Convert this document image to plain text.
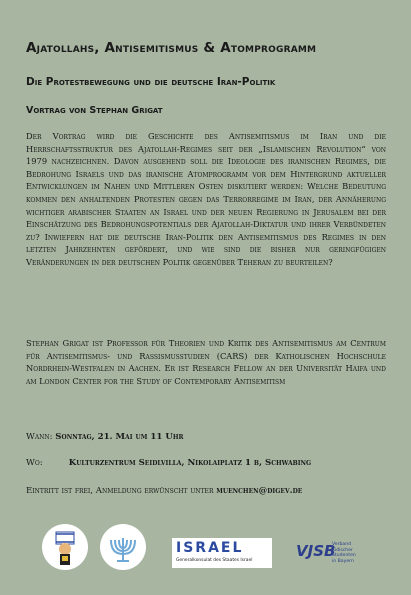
Ajatollahs, Antisemitismus & Atomprogramm
Die Protestbewegung und die deutsche Iran-Politik
Vortrag von Stephan Grigat

Der Vortrag wird die Geschichte des Antisemitismus im Iran und die Herrschaftsstruktur des Ajatollah-Regimes seit der „Islamischen Revolution“ von 1979 nachzeichnen. Davon ausgehend soll die Ideologie des iranischen Regimes, die Bedrohung Israels und das iranische Atomprogramm vor dem Hintergrund aktueller Entwicklungen im Nahen und Mittleren Osten diskutiert werden: Welche Bedeutung kommen den anhaltenden Protesten gegen das Terrorregime im Iran, der Annäherung wichtiger arabischer Staaten an Israel und der neuen Regierung in Jerusalem bei der Einschätzung des Bedrohungspotentials der Ajatollah-Diktatur und ihrer Verbündeten zu? Inwiefern hat die deutsche Iran-Politik den Antisemitismus des Regimes in den letzten Jahrzehnten gefördert, und wie sind die bisher nur geringfügigen Veränderungen in der deutschen Politik gegenüber Teheran zu beurteilen?

Stephan Grigat ist Professor für Theorien und Kritik des Antisemitismus am Centrum für Antisemitismus- und Rassismusstudien (CARS) der Katholischen Hochschule Nordrhein-Westfalen in Aachen. Er ist Research Fellow an der Universität Haifa und am London Center for the Study of Contemporary Antisemitism

Wann: Sonntag, 21. Mai um 11 Uhr
Wo:	Kulturzentrum Seidlvilla, Nikolaiplatz 1 b, Schwabing
Eintritt ist frei, Anmeldung erwünscht unter muenchen@digev.de
ISRAEL
Generalkonsulat des Staates Israel
VJSB
Verband
jüdischer
Studenten
in Bayern
